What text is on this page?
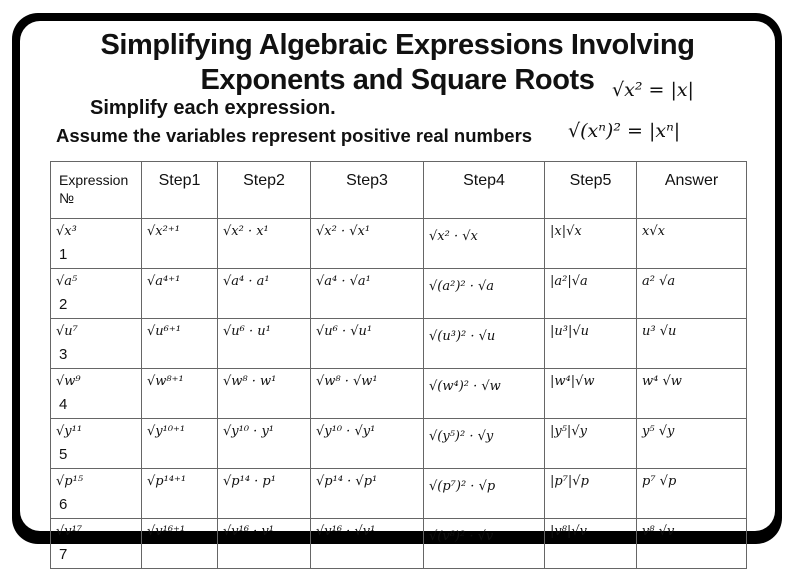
Simplifying Algebraic Expressions Involving
Exponents and Square Roots √x² = |x|
Simplify each expression.
Assume the variables represent positive real numbers √(xⁿ)² = |xⁿ|
Expression №	Step1	Step2	Step3	Step4	Step5	Answer

√x³
1	√x²⁺¹	√x² · x¹	√x² · √x¹	√x² · √x	|x|√x	x√x

√a⁵
2	√a⁴⁺¹	√a⁴ · a¹	√a⁴ · √a¹	√(a²)² · √a	|a²|√a	a² √a

√u⁷
3	√u⁶⁺¹	√u⁶ · u¹	√u⁶ · √u¹	√(u³)² · √u	|u³|√u	u³ √u

√w⁹
4	√w⁸⁺¹	√w⁸ · w¹	√w⁸ · √w¹	√(w⁴)² · √w	|w⁴|√w	w⁴ √w

√y¹¹
5	√y¹⁰⁺¹	√y¹⁰ · y¹	√y¹⁰ · √y¹	√(y⁵)² · √y	|y⁵|√y	y⁵ √y

√p¹⁵
6	√p¹⁴⁺¹	√p¹⁴ · p¹	√p¹⁴ · √p¹	√(p⁷)² · √p	|p⁷|√p	p⁷ √p

√v¹⁷
7	√v¹⁶⁺¹	√v¹⁶ · v¹	√v¹⁶ · √v¹	√(v⁸)² · √v	|v⁸|√v	v⁸ √v
